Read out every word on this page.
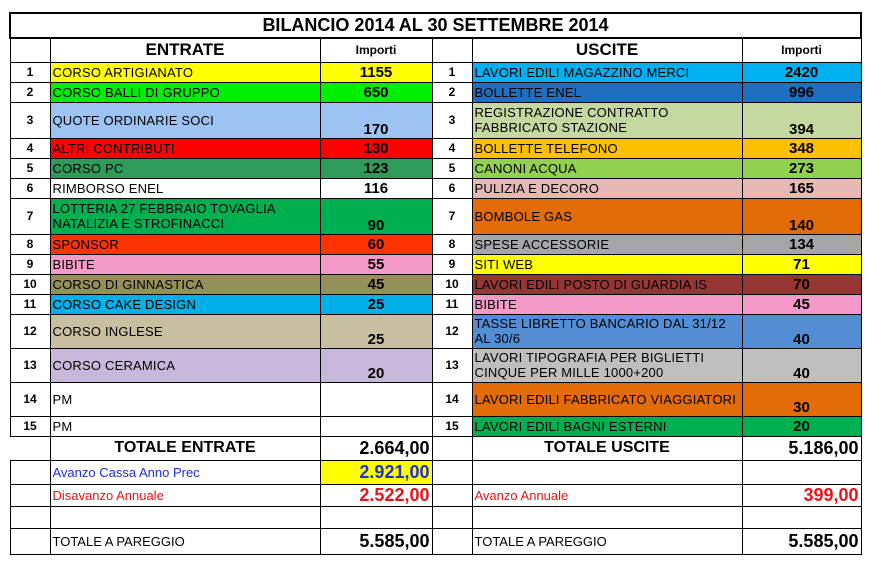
BILANCIO 2014 AL 30 SETTEMBRE 2014					
	ENTRATE	Importi		USCITE	Importi
1	CORSO ARTIGIANATO	1155	1	LAVORI EDILI MAGAZZINO MERCI	2420
2	CORSO BALLI DI GRUPPO	650	2	BOLLETTE ENEL	996
3	QUOTE ORDINARIE SOCI	170	3	REGISTRAZIONE CONTRATTO FABBRICATO STAZIONE	394
4	ALTRI CONTRIBUTI	130	4	BOLLETTE TELEFONO	348
5	CORSO PC	123	5	CANONI ACQUA	273
6	RIMBORSO ENEL	116	6	PULIZIA E DECORO	165
7	LOTTERIA 27 FEBBRAIO TOVAGLIA NATALIZIA E STROFINACCI	90	7	BOMBOLE GAS	140
8	SPONSOR	60	8	SPESE ACCESSORIE	134
9	BIBITE	55	9	SITI WEB	71
10	CORSO DI GINNASTICA	45	10	LAVORI EDILI POSTO DI GUARDIA IS	70
11	CORSO CAKE DESIGN	25	11	BIBITE	45
12	CORSO INGLESE	25	12	TASSE LIBRETTO BANCARIO DAL 31/12 AL 30/6	40
13	CORSO CERAMICA	20	13	LAVORI TIPOGRAFIA PER BIGLIETTI CINQUE PER MILLE 1000+200	40
14	PM		14	LAVORI EDILI FABBRICATO VIAGGIATORI	30
15	PM		15	LAVORI EDILI BAGNI ESTERNI	20
	TOTALE ENTRATE	2.664,00		TOTALE USCITE	5.186,00
	Avanzo Cassa Anno Prec	2.921,00			
	Disavanzo Annuale	2.522,00		Avanzo Annuale	399,00

	TOTALE A PAREGGIO	5.585,00		TOTALE A PAREGGIO	5.585,00
